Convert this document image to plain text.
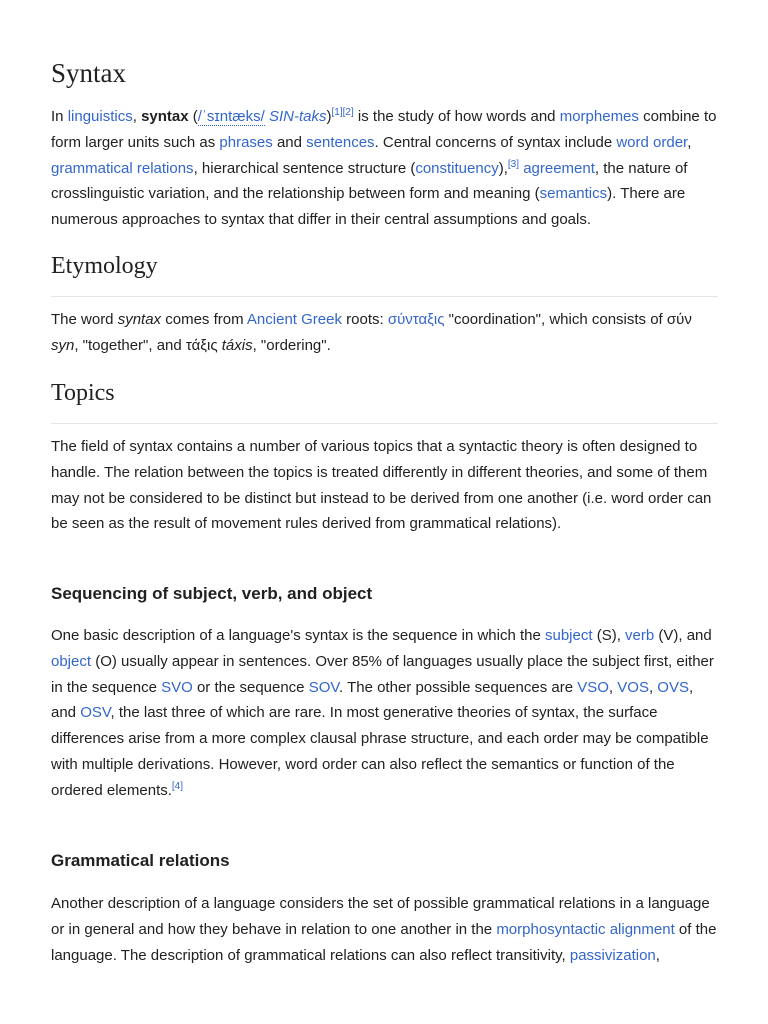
Syntax

In linguistics, syntax (/ˈsɪntæks/ SIN-taks)[1][2] is the study of how words and morphemes combine to form larger units such as phrases and sentences. Central concerns of syntax include word order, grammatical relations, hierarchical sentence structure (constituency),[3] agreement, the nature of crosslinguistic variation, and the relationship between form and meaning (semantics). There are numerous approaches to syntax that differ in their central assumptions and goals.

Etymology

The word syntax comes from Ancient Greek roots: σύνταξις "coordination", which consists of σύν syn, "together", and τάξις táxis, "ordering".

Topics

The field of syntax contains a number of various topics that a syntactic theory is often designed to handle. The relation between the topics is treated differently in different theories, and some of them may not be considered to be distinct but instead to be derived from one another (i.e. word order can be seen as the result of movement rules derived from grammatical relations).

Sequencing of subject, verb, and object

One basic description of a language's syntax is the sequence in which the subject (S), verb (V), and object (O) usually appear in sentences. Over 85% of languages usually place the subject first, either in the sequence SVO or the sequence SOV. The other possible sequences are VSO, VOS, OVS, and OSV, the last three of which are rare. In most generative theories of syntax, the surface differences arise from a more complex clausal phrase structure, and each order may be compatible with multiple derivations. However, word order can also reflect the semantics or function of the ordered elements.[4]

Grammatical relations

Another description of a language considers the set of possible grammatical relations in a language or in general and how they behave in relation to one another in the morphosyntactic alignment of the language. The description of grammatical relations can also reflect transitivity, passivization,
